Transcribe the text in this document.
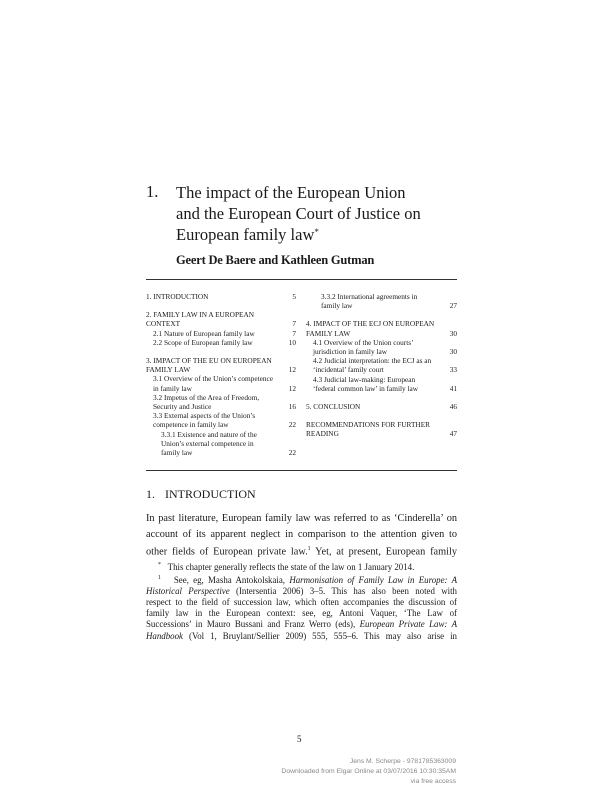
1. The impact of the European Union
and the European Court of Justice on
European family law*
Geert De Baere and Kathleen Gutman
1. INTRODUCTION	5
2. FAMILY LAW IN A EUROPEAN CONTEXT	7
2.1 Nature of European family law	7
2.2 Scope of European family law	10
3. IMPACT OF THE EU ON EUROPEAN FAMILY LAW	12
3.1 Overview of the Union’s competence in family law	12
3.2 Impetus of the Area of Freedom, Security and Justice	16
3.3 External aspects of the Union’s competence in family law	22
3.3.1 Existence and nature of the Union’s external competence in family law	22
3.3.2 International agreements in family law	27
4. IMPACT OF THE ECJ ON EUROPEAN FAMILY LAW	30
4.1 Overview of the Union courts’ jurisdiction in family law	30
4.2 Judicial interpretation: the ECJ as an ‘incidental’ family court	33
4.3 Judicial law-making: European ‘federal common law’ in family law	41
5. CONCLUSION	46
RECOMMENDATIONS FOR FURTHER READING	47
1. INTRODUCTION
In past literature, European family law was referred to as ‘Cinderella’ on
account of its apparent neglect in comparison to the attention given to
other fields of European private law.$^1$ Yet, at present, European family
* This chapter generally reflects the state of the law on 1 January 2014.
$^1$ See, eg, Masha Antokolskaia, Harmonisation of Family Law in Europe: A
Historical Perspective (Intersentia 2006) 3–5. This has also been noted with
respect to the field of succession law, which often accompanies the discussion of
family law in the European context: see, eg, Antoni Vaquer, ‘The Law of
Successions’ in Mauro Bussani and Franz Werro (eds), European Private Law: A
Handbook (Vol 1, Bruylant/Sellier 2009) 555, 555–6. This may also arise in
5
Jens M. Scherpe - 9781785363009
Downloaded from Elgar Online at 03/07/2016 10:30:35AM
via free access
